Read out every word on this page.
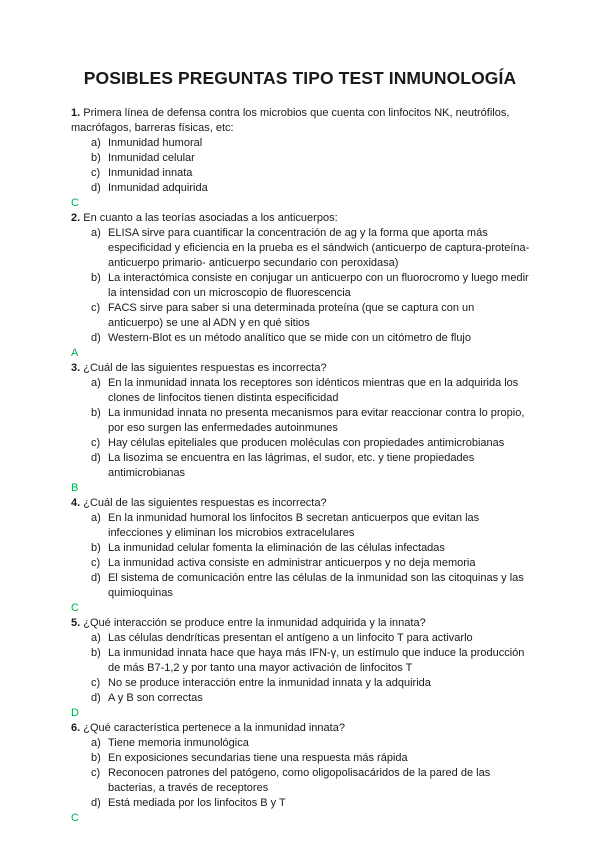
POSIBLES PREGUNTAS TIPO TEST INMUNOLOGÍA

1. Primera línea de defensa contra los microbios que cuenta con linfocitos NK, neutrófilos, macrófagos, barreras físicas, etc:

a) Inmunidad humoral
b) Inmunidad celular
c) Inmunidad innata
d) Inmunidad adquirida

C

2. En cuanto a las teorías asociadas a los anticuerpos:

a) ELISA sirve para cuantificar la concentración de ag y la forma que aporta más especificidad y eficiencia en la prueba es el sándwich (anticuerpo de captura-proteína-anticuerpo primario- anticuerpo secundario con peroxidasa)
b) La interactómica consiste en conjugar un anticuerpo con un fluorocromo y luego medir la intensidad con un microscopio de fluorescencia
c) FACS sirve para saber si una determinada proteína (que se captura con un anticuerpo) se une al ADN y en qué sitios
d) Western-Blot es un método analítico que se mide con un citómetro de flujo

A

3. ¿Cuál de las siguientes respuestas es incorrecta?

a) En la inmunidad innata los receptores son idénticos mientras que en la adquirida los clones de linfocitos tienen distinta especificidad
b) La inmunidad innata no presenta mecanismos para evitar reaccionar contra lo propio, por eso surgen las enfermedades autoinmunes
c) Hay células epiteliales que producen moléculas con propiedades antimicrobianas
d) La lisozima se encuentra en las lágrimas, el sudor, etc. y tiene propiedades antimicrobianas

B

4. ¿Cuál de las siguientes respuestas es incorrecta?

a) En la inmunidad humoral los linfocitos B secretan anticuerpos que evitan las infecciones y eliminan los microbios extracelulares
b) La inmunidad celular fomenta la eliminación de las células infectadas
c) La inmunidad activa consiste en administrar anticuerpos y no deja memoria
d) El sistema de comunicación entre las células de la inmunidad son las citoquinas y las quimioquinas

C

5. ¿Qué interacción se produce entre la inmunidad adquirida y la innata?

a) Las células dendríticas presentan el antígeno a un linfocito T para activarlo
b) La inmunidad innata hace que haya más IFN-γ, un estímulo que induce la producción de más B7-1,2 y por tanto una mayor activación de linfocitos T
c) No se produce interacción entre la inmunidad innata y la adquirida
d) A y B son correctas

D

6. ¿Qué característica pertenece a la inmunidad innata?

a) Tiene memoria inmunológica
b) En exposiciones secundarias tiene una respuesta más rápida
c) Reconocen patrones del patógeno, como oligopolisacáridos de la pared de las bacterias, a través de receptores
d) Está mediada por los linfocitos B y T

C
